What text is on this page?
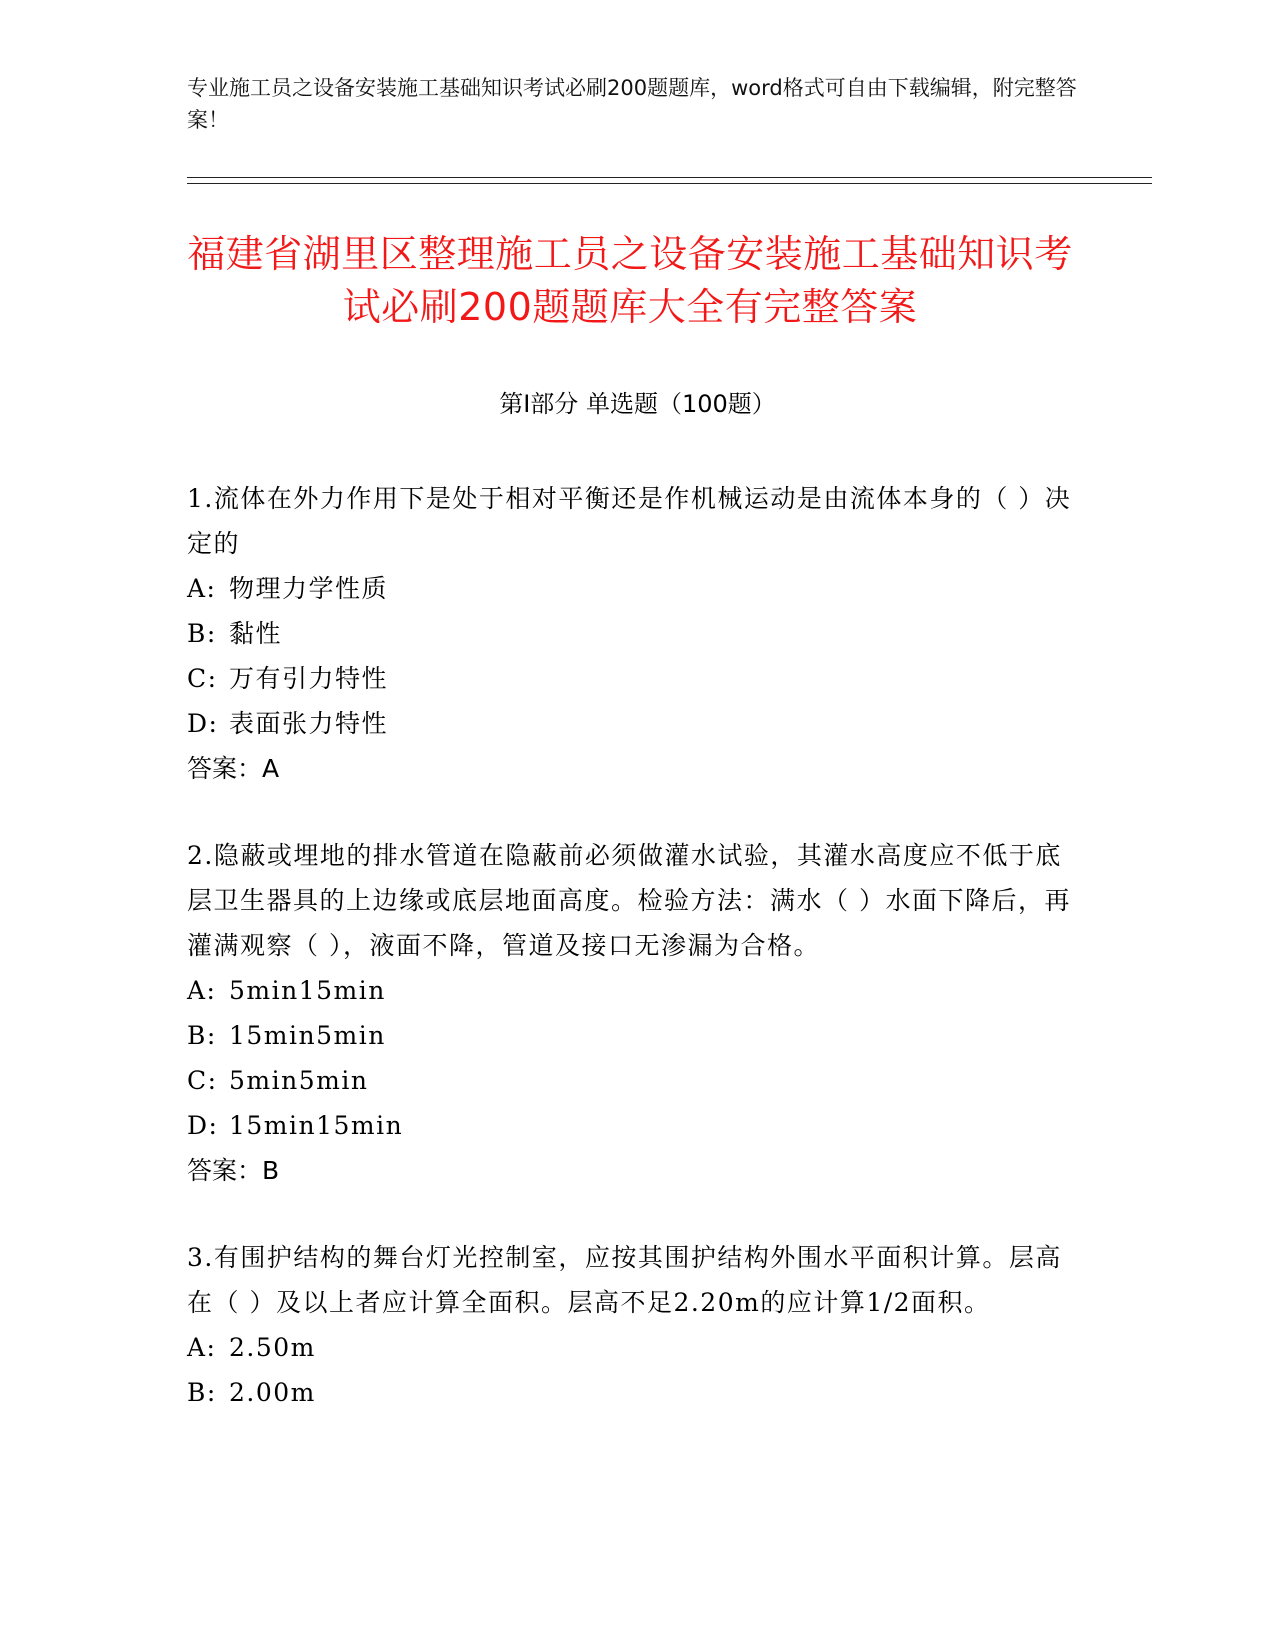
专业施工员之设备安装施工基础知识考试必刷200题题库，word格式可自由下载编辑，附完整答案！
福建省湖里区整理施工员之设备安装施工基础知识考试必刷200题题库大全有完整答案
第Ⅰ部分 单选题（100题）
1.流体在外力作用下是处于相对平衡还是作机械运动是由流体本身的（ ）决定的
A: 物理力学性质
B: 黏性
C: 万有引力特性
D: 表面张力特性
答案：A
2.隐蔽或埋地的排水管道在隐蔽前必须做灌水试验，其灌水高度应不低于底层卫生器具的上边缘或底层地面高度。检验方法：满水（ ）水面下降后，再灌满观察（ ），液面不降，管道及接口无渗漏为合格。
A: 5min15min
B: 15min5min
C: 5min5min
D: 15min15min
答案：B
3.有围护结构的舞台灯光控制室，应按其围护结构外围水平面积计算。层高在（ ）及以上者应计算全面积。层高不足2.20m的应计算1/2面积。
A: 2.50m
B: 2.00m
